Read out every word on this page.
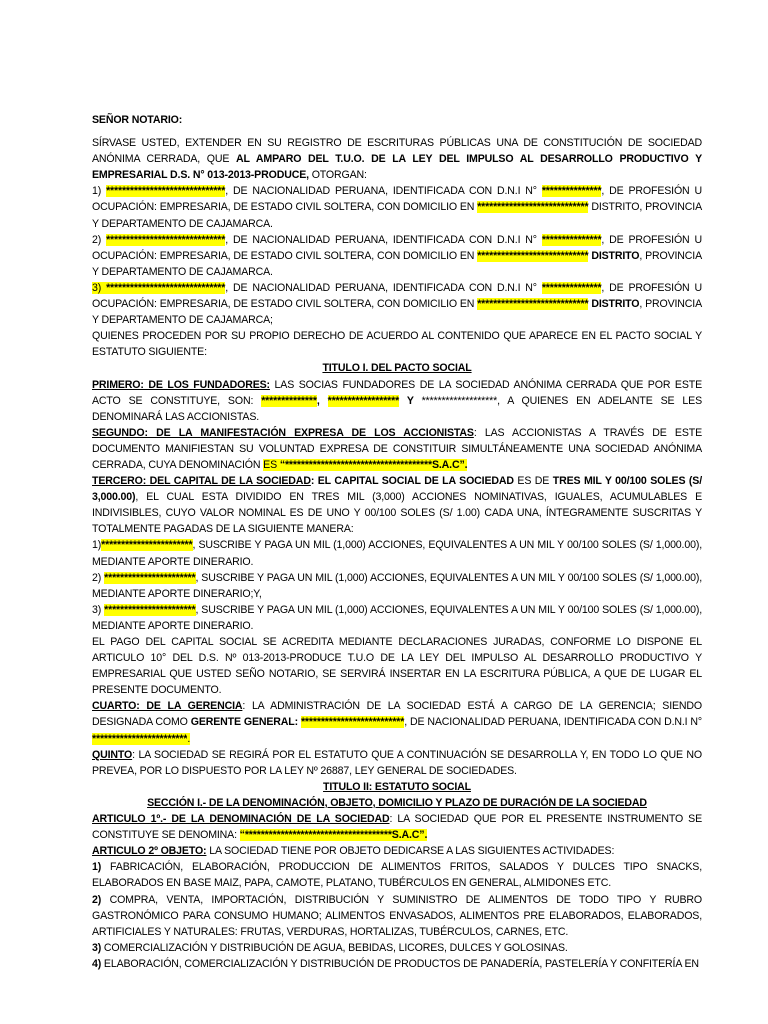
SEÑOR NOTARIO:

SÍRVASE USTED, EXTENDER EN SU REGISTRO DE ESCRITURAS PÚBLICAS UNA DE CONSTITUCIÓN DE SOCIEDAD ANÓNIMA CERRADA, QUE AL AMPARO DEL T.U.O. DE LA LEY DEL IMPULSO AL DESARROLLO PRODUCTIVO Y EMPRESARIAL D.S. N° 013-2013-PRODUCE, OTORGAN:

1) ******************************, DE NACIONALIDAD PERUANA, IDENTIFICADA CON D.N.I N° ***************, DE PROFESIÓN U OCUPACIÓN: EMPRESARIA, DE ESTADO CIVIL SOLTERA, CON DOMICILIO EN **************************** DISTRITO, PROVINCIA Y DEPARTAMENTO DE CAJAMARCA.

2) ******************************, DE NACIONALIDAD PERUANA, IDENTIFICADA CON D.N.I N° ***************, DE PROFESIÓN U OCUPACIÓN: EMPRESARIA, DE ESTADO CIVIL SOLTERA, CON DOMICILIO EN **************************** DISTRITO, PROVINCIA Y DEPARTAMENTO DE CAJAMARCA.

3) ******************************, DE NACIONALIDAD PERUANA, IDENTIFICADA CON D.N.I N° ***************, DE PROFESIÓN U OCUPACIÓN: EMPRESARIA, DE ESTADO CIVIL SOLTERA, CON DOMICILIO EN **************************** DISTRITO, PROVINCIA Y DEPARTAMENTO DE CAJAMARCA;

QUIENES PROCEDEN POR SU PROPIO DERECHO DE ACUERDO AL CONTENIDO QUE APARECE EN EL PACTO SOCIAL Y ESTATUTO SIGUIENTE:

TITULO I. DEL PACTO SOCIAL

PRIMERO: DE LOS FUNDADORES: LAS SOCIAS FUNDADORES DE LA SOCIEDAD ANÓNIMA CERRADA QUE POR ESTE ACTO SE CONSTITUYE, SON: **************, ****************** Y *******************, A QUIENES EN ADELANTE SE LES DENOMINARÁ LAS ACCIONISTAS.

SEGUNDO: DE LA MANIFESTACIÓN EXPRESA DE LOS ACCIONISTAS: LAS ACCIONISTAS A TRAVÉS DE ESTE DOCUMENTO MANIFIESTAN SU VOLUNTAD EXPRESA DE CONSTITUIR SIMULTÁNEAMENTE UNA SOCIEDAD ANÓNIMA CERRADA, CUYA DENOMINACIÓN ES “*************************************S.A.C”.

TERCERO: DEL CAPITAL DE LA SOCIEDAD: EL CAPITAL SOCIAL DE LA SOCIEDAD ES DE TRES MIL Y 00/100 SOLES (S/ 3,000.00), EL CUAL ESTA DIVIDIDO EN TRES MIL (3,000) ACCIONES NOMINATIVAS, IGUALES, ACUMULABLES E INDIVISIBLES, CUYO VALOR NOMINAL ES DE UNO Y 00/100 SOLES (S/ 1.00) CADA UNA, ÍNTEGRAMENTE SUSCRITAS Y TOTALMENTE PAGADAS DE LA SIGUIENTE MANERA:

1)***********************, SUSCRIBE Y PAGA UN MIL (1,000) ACCIONES, EQUIVALENTES A UN MIL Y 00/100 SOLES (S/ 1,000.00), MEDIANTE APORTE DINERARIO.

2) ***********************, SUSCRIBE Y PAGA UN MIL (1,000) ACCIONES, EQUIVALENTES A UN MIL Y 00/100 SOLES (S/ 1,000.00), MEDIANTE APORTE DINERARIO;Y,

3) ***********************, SUSCRIBE Y PAGA UN MIL (1,000) ACCIONES, EQUIVALENTES A UN MIL Y 00/100 SOLES (S/ 1,000.00), MEDIANTE APORTE DINERARIO.

EL PAGO DEL CAPITAL SOCIAL SE ACREDITA MEDIANTE DECLARACIONES JURADAS, CONFORME LO DISPONE EL ARTICULO 10° DEL D.S. Nº 013-2013-PRODUCE T.U.O DE LA LEY DEL IMPULSO AL DESARROLLO PRODUCTIVO Y EMPRESARIAL QUE USTED SEÑO NOTARIO, SE SERVIRÁ INSERTAR EN LA ESCRITURA PÚBLICA, A QUE DE LUGAR EL PRESENTE DOCUMENTO.

CUARTO: DE LA GERENCIA: LA ADMINISTRACIÓN DE LA SOCIEDAD ESTÁ A CARGO DE LA GERENCIA; SIENDO DESIGNADA COMO GERENTE GENERAL: **************************, DE NACIONALIDAD PERUANA, IDENTIFICADA CON D.N.I N° ************************.

QUINTO: LA SOCIEDAD SE REGIRÁ POR EL ESTATUTO QUE A CONTINUACIÓN SE DESARROLLA Y, EN TODO LO QUE NO PREVEA, POR LO DISPUESTO POR LA LEY Nº 26887, LEY GENERAL DE SOCIEDADES.

TITULO II: ESTATUTO SOCIAL

SECCIÓN I.- DE LA DENOMINACIÓN, OBJETO, DOMICILIO Y PLAZO DE DURACIÓN DE LA SOCIEDAD

ARTICULO 1º.- DE LA DENOMINACIÓN DE LA SOCIEDAD: LA SOCIEDAD QUE POR EL PRESENTE INSTRUMENTO SE CONSTITUYE SE DENOMINA: “*************************************S.A.C”.

ARTICULO 2º OBJETO: LA SOCIEDAD TIENE POR OBJETO DEDICARSE A LAS SIGUIENTES ACTIVIDADES:

1) FABRICACIÓN, ELABORACIÓN, PRODUCCION DE ALIMENTOS FRITOS, SALADOS Y DULCES TIPO SNACKS, ELABORADOS EN BASE MAIZ, PAPA, CAMOTE, PLATANO, TUBÉRCULOS EN GENERAL, ALMIDONES ETC.

2) COMPRA, VENTA, IMPORTACIÓN, DISTRIBUCIÓN Y SUMINISTRO DE ALIMENTOS DE TODO TIPO Y RUBRO GASTRONÓMICO PARA CONSUMO HUMANO; ALIMENTOS ENVASADOS, ALIMENTOS PRE ELABORADOS, ELABORADOS, ARTIFICIALES Y NATURALES: FRUTAS, VERDURAS, HORTALIZAS, TUBÉRCULOS, CARNES, ETC.

3) COMERCIALIZACIÓN Y DISTRIBUCIÓN DE AGUA, BEBIDAS, LICORES, DULCES Y GOLOSINAS.

4) ELABORACIÓN, COMERCIALIZACIÓN Y DISTRIBUCIÓN DE PRODUCTOS DE PANADERÍA, PASTELERÍA Y CONFITERÍA EN
